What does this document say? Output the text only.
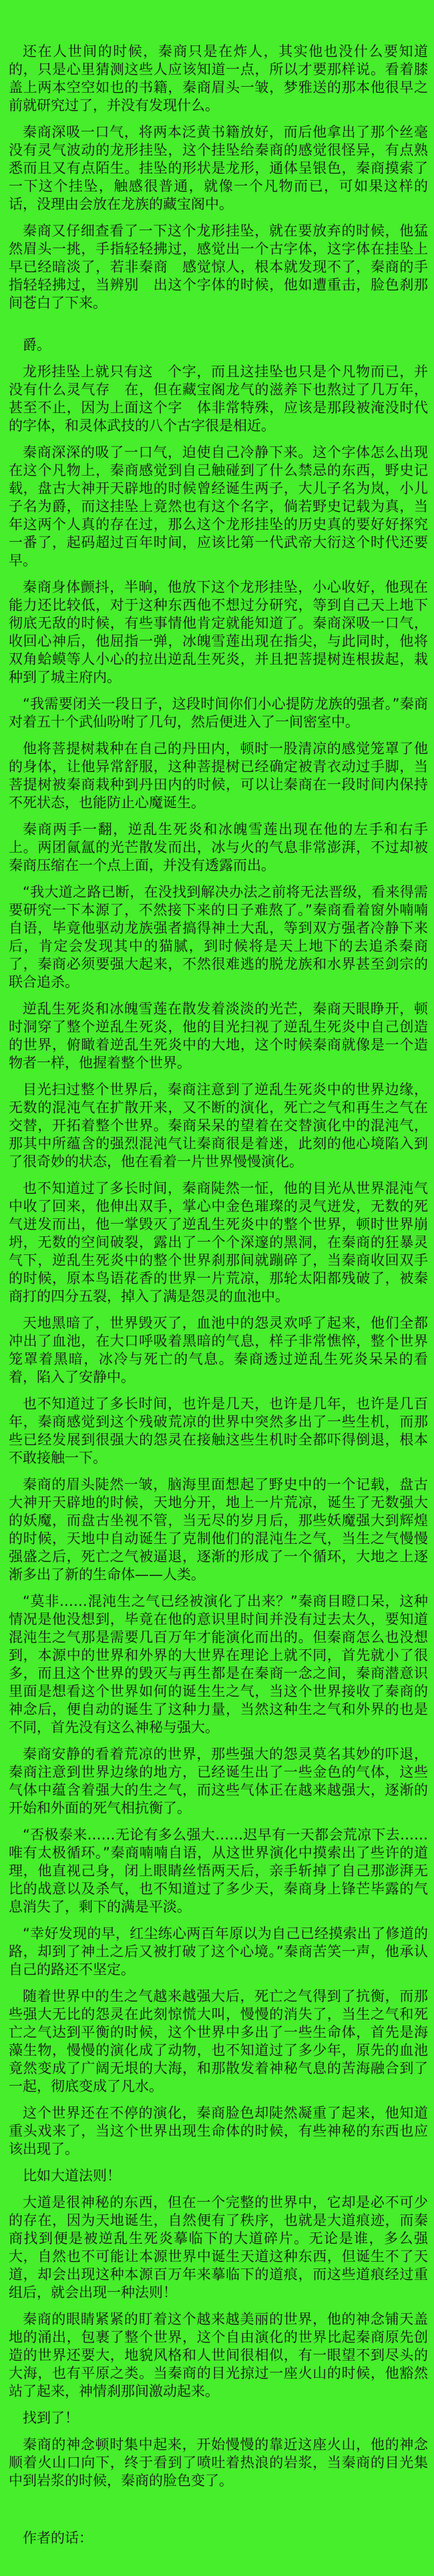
还在人世间的时候，秦商只是在炸人，其实他也没什么要知道的，只是心里猜测这些人应该知道一点，所以才要那样说。看着膝盖上两本空空如也的书籍，秦商眉头一皱，梦雅送的那本他很早之前就研究过了，并没有发现什么。

秦商深吸一口气，将两本泛黄书籍放好，而后他拿出了那个丝毫没有灵气波动的龙形挂坠，这个挂坠给秦商的感觉很怪异，有点熟悉而且又有点陌生。挂坠的形状是龙形，通体呈银色，秦商摸索了一下这个挂坠，触感很普通，就像一个凡物而已，可如果这样的话，没理由会放在龙族的藏宝阁中。

秦商又仔细查看了一下这个龙形挂坠，就在要放弃的时候，他猛然眉头一挑，手指轻轻拂过，感觉出一个古字体，这字体在挂坠上早已经暗淡了，若非秦商　感觉惊人，根本就发现不了，秦商的手指轻轻拂过，当辨别　出这个字体的时候，他如遭重击，脸色刹那间苍白了下来。

爵。

龙形挂坠上就只有这　个字，而且这挂坠也只是个凡物而已，并没有什么灵气存　在，但在藏宝阁龙气的滋养下也熬过了几万年，甚至不止，因为上面这个字　体非常特殊，应该是那段被淹没时代的字体，和灵体武技的八个古字很是相近。

秦商深深的吸了一口气，迫使自己冷静下来。这个字体怎么出现在这个凡物上，秦商感觉到自己触碰到了什么禁忌的东西，野史记载，盘古大神开天辟地的时候曾经诞生两子，大儿子名为岚，小儿子名为爵，而这挂坠上竟然也有这个名字，倘若野史记载为真，当年这两个人真的存在过，那么这个龙形挂坠的历史真的要好好探究一番了，起码超过百年时间，应该比第一代武帝大衍这个时代还要早。

秦商身体颤抖，半晌，他放下这个龙形挂坠，小心收好，他现在能力还比较低，对于这种东西他不想过分研究，等到自己天上地下彻底无敌的时候，有些事情他肯定就能知道了。秦商深吸一口气，收回心神后，他屈指一弹，冰魄雪莲出现在指尖，与此同时，他将双角蛤蟆等人小心的拉出逆乱生死炎，并且把菩提树连根拔起，栽种到了城主府内。

“我需要闭关一段日子，这段时间你们小心提防龙族的强者。”秦商对着五十个武仙吩咐了几句，然后便进入了一间密室中。

他将菩提树栽种在自己的丹田内，顿时一股清凉的感觉笼罩了他的身体，让他异常舒服，这种菩提树已经确定被青衣动过手脚，当菩提树被秦商栽种到丹田内的时候，可以让秦商在一段时间内保持不死状态，也能防止心魔诞生。

秦商两手一翻，逆乱生死炎和冰魄雪莲出现在他的左手和右手上。两团氤氲的光芒散发而出，冰与火的气息非常澎湃，不过却被秦商压缩在一个点上面，并没有透露而出。

“我大道之路已断，在没找到解决办法之前将无法晋级，看来得需要研究一下本源了，不然接下来的日子难熬了。”秦商看着窗外喃喃自语，毕竟他驱动龙族强者搞得神土大乱，等到双方强者冷静下来后，肯定会发现其中的猫腻，到时候将是天上地下的去追杀秦商了，秦商必须要强大起来，不然很难逃的脱龙族和水界甚至剑宗的联合追杀。

逆乱生死炎和冰魄雪莲在散发着淡淡的光芒，秦商天眼睁开，顿时洞穿了整个逆乱生死炎，他的目光扫视了逆乱生死炎中自己创造的世界，俯瞰着逆乱生死炎中的大地，这个时候秦商就像是一个造物者一样，他握着整个世界。

目光扫过整个世界后，秦商注意到了逆乱生死炎中的世界边缘，无数的混沌气在扩散开来，又不断的演化，死亡之气和再生之气在交替，开拓着整个世界。秦商呆呆的望着在交替演化中的混沌气，那其中所蕴含的强烈混沌气让秦商很是着迷，此刻的他心境陷入到了很奇妙的状态，他在看着一片世界慢慢演化。

也不知道过了多长时间，秦商陡然一怔，他的目光从世界混沌气中收了回来，他伸出双手，掌心中金色璀璨的灵气迸发，无数的死气迸发而出，他一掌毁灭了逆乱生死炎中的整个世界，顿时世界崩坍，无数的空间破裂，露出了一个个深邃的黑洞，在秦商的狂暴灵气下，逆乱生死炎中的整个世界刹那间就蹦碎了，当秦商收回双手的时候，原本鸟语花香的世界一片荒凉，那轮太阳都残破了，被秦商打的四分五裂，掉入了满是怨灵的血池中。

天地黑暗了，世界毁灭了，血池中的怨灵欢呼了起来，他们全都冲出了血池，在大口呼吸着黑暗的气息，样子非常憔悴，整个世界笼罩着黑暗，冰冷与死亡的气息。秦商透过逆乱生死炎呆呆的看着，陷入了安静中。

也不知道过了多长时间，也许是几天，也许是几年，也许是几百年，秦商感觉到这个残破荒凉的世界中突然多出了一些生机，而那些已经发展到很强大的怨灵在接触这些生机时全都吓得倒退，根本不敢接触一下。

秦商的眉头陡然一皱，脑海里面想起了野史中的一个记载，盘古大神开天辟地的时候，天地分开，地上一片荒凉，诞生了无数强大的妖魔，而盘古坐视不管，当无尽的岁月后，那些妖魔强大到辉煌的时候，天地中自动诞生了克制他们的混沌生之气，当生之气慢慢强盛之后，死亡之气被逼退，逐渐的形成了一个循环，大地之上逐渐多出了新的生命体——人类。

“莫非……混沌生之气已经被演化了出来？”秦商目瞪口呆，这种情况是他没想到，毕竟在他的意识里时间并没有过去太久，要知道混沌生之气那是需要几百万年才能演化而出的。但秦商怎么也没想到，本源中的世界和外界的大世界在理论上就不同，首先就小了很多，而且这个世界的毁灭与再生都是在秦商一念之间，秦商潜意识里面是想看这个世界如何的诞生生之气，当这个世界接收了秦商的神念后，便自动的诞生了这种力量，当然这种生之气和外界的也是不同，首先没有这么神秘与强大。

秦商安静的看着荒凉的世界，那些强大的怨灵莫名其妙的吓退，秦商注意到世界边缘的地方，已经诞生出了一些金色的气体，这些气体中蕴含着强大的生之气，而这些气体正在越来越强大，逐渐的开始和外面的死气相抗衡了。

“否极泰来……无论有多么强大……迟早有一天都会荒凉下去……唯有太极循环。”秦商喃喃自语，从这世界演化中摸索出了些许的道理，他直视己身，闭上眼睛丝悟两天后，亲手斩掉了自己那澎湃无比的战意以及杀气，也不知道过了多少天，秦商身上锋芒毕露的气息消失了，剩下的满是平淡。

“幸好发现的早，红尘练心两百年原以为自己已经摸索出了修道的路，却到了神土之后又被打破了这个心境。”秦商苦笑一声，他承认自己的路还不坚定。

随着世界中的生之气越来越强大后，死亡之气得到了抗衡，而那些强大无比的怨灵在此刻惊慌大叫，慢慢的消失了，当生之气和死亡之气达到平衡的时候，这个世界中多出了一些生命体，首先是海藻生物，慢慢的演化成了动物，也不知道过了多少年，原先的血池竟然变成了广阔无垠的大海，和那散发着神秘气息的苦海融合到了一起，彻底变成了凡水。

这个世界还在不停的演化，秦商脸色却陡然凝重了起来，他知道重头戏来了，当这个世界出现生命体的时候，有些神秘的东西也应该出现了。

比如大道法则！

大道是很神秘的东西，但在一个完整的世界中，它却是必不可少的存在，因为天地诞生，自然便有了秩序，也就是大道痕迹，而秦商找到便是被逆乱生死炎摹临下的大道碎片。无论是谁，多么强大，自然也不可能让本源世界中诞生天道这种东西，但诞生不了天道，却会出现这种本源百万年来摹临下的道痕，而这些道痕经过重组后，就会出现一种法则！

秦商的眼睛紧紧的盯着这个越来越美丽的世界，他的神念铺天盖地的涌出，包裹了整个世界，这个自由演化的世界比起秦商原先创造的世界还要大，地貌风格和人世间很相似，有一眼望不到尽头的大海，也有平原之类。当秦商的目光掠过一座火山的时候，他豁然站了起来，神情刹那间激动起来。

找到了！

秦商的神念顿时集中起来，开始慢慢的靠近这座火山，他的神念顺着火山口向下，终于看到了喷吐着热浪的岩浆，当秦商的目光集中到岩浆的时候，秦商的脸色变了。

作者的话：
